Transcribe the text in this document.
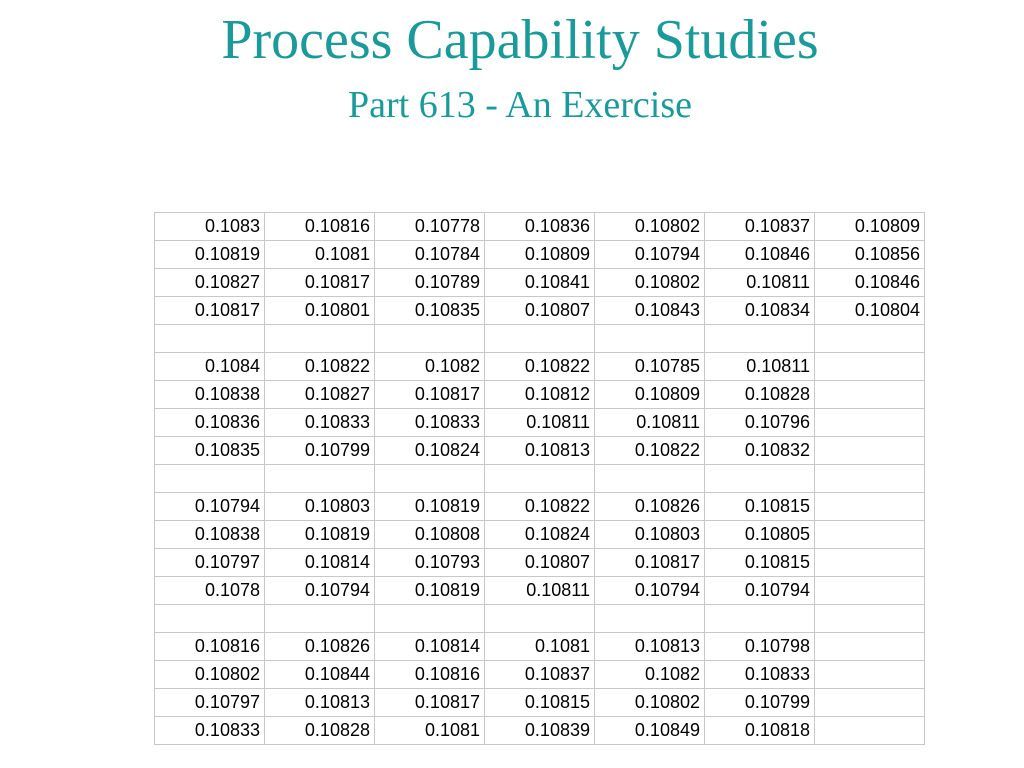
Process Capability Studies
Part 613 - An Exercise
0.1083	0.10816	0.10778	0.10836	0.10802	0.10837	0.10809
0.10819	0.1081	0.10784	0.10809	0.10794	0.10846	0.10856
0.10827	0.10817	0.10789	0.10841	0.10802	0.10811	0.10846
0.10817	0.10801	0.10835	0.10807	0.10843	0.10834	0.10804

0.1084	0.10822	0.1082	0.10822	0.10785	0.10811	
0.10838	0.10827	0.10817	0.10812	0.10809	0.10828	
0.10836	0.10833	0.10833	0.10811	0.10811	0.10796	
0.10835	0.10799	0.10824	0.10813	0.10822	0.10832	

0.10794	0.10803	0.10819	0.10822	0.10826	0.10815	
0.10838	0.10819	0.10808	0.10824	0.10803	0.10805	
0.10797	0.10814	0.10793	0.10807	0.10817	0.10815	
0.1078	0.10794	0.10819	0.10811	0.10794	0.10794	

0.10816	0.10826	0.10814	0.1081	0.10813	0.10798	
0.10802	0.10844	0.10816	0.10837	0.1082	0.10833	
0.10797	0.10813	0.10817	0.10815	0.10802	0.10799	
0.10833	0.10828	0.1081	0.10839	0.10849	0.10818	
